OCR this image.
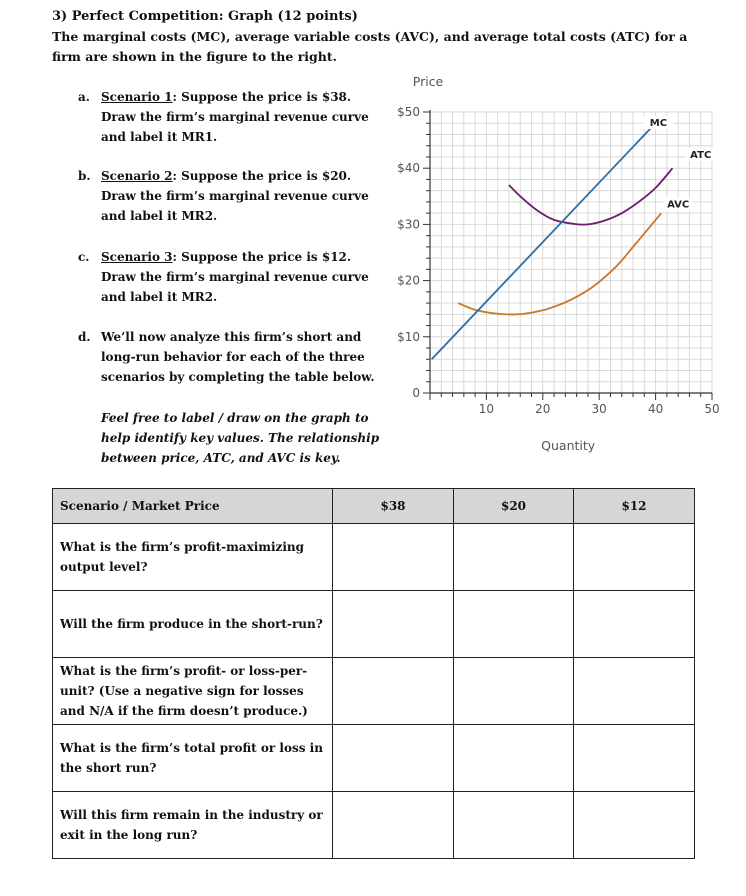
3) Perfect Competition: Graph (12 points)
The marginal costs (MC), average variable costs (AVC), and average total costs (ATC) for a firm are shown in the figure to the right.
a. Scenario 1: Suppose the price is $38. Draw the firm’s marginal revenue curve and label it MR1.
b. Scenario 2: Suppose the price is $20. Draw the firm’s marginal revenue curve and label it MR2.
c. Scenario 3: Suppose the price is $12. Draw the firm’s marginal revenue curve and label it MR2.
d. We’ll now analyze this firm’s short and long-run behavior for each of the three scenarios by completing the table below.
Feel free to label / draw on the graph to help identify key values. The relationship between price, ATC, and AVC is key.
$50
$40
$30
$20
$10
0
10	20	30	40	50
Price
Quantity
MC
ATC
AVC
Scenario / Market Price	$38	$20	$12
What is the firm’s profit-maximizing output level?			
Will the firm produce in the short-run?			
What is the firm’s profit- or loss-per-unit? (Use a negative sign for losses and N/A if the firm doesn’t produce.)			
What is the firm’s total profit or loss in the short run?			
Will this firm remain in the industry or exit in the long run?			
